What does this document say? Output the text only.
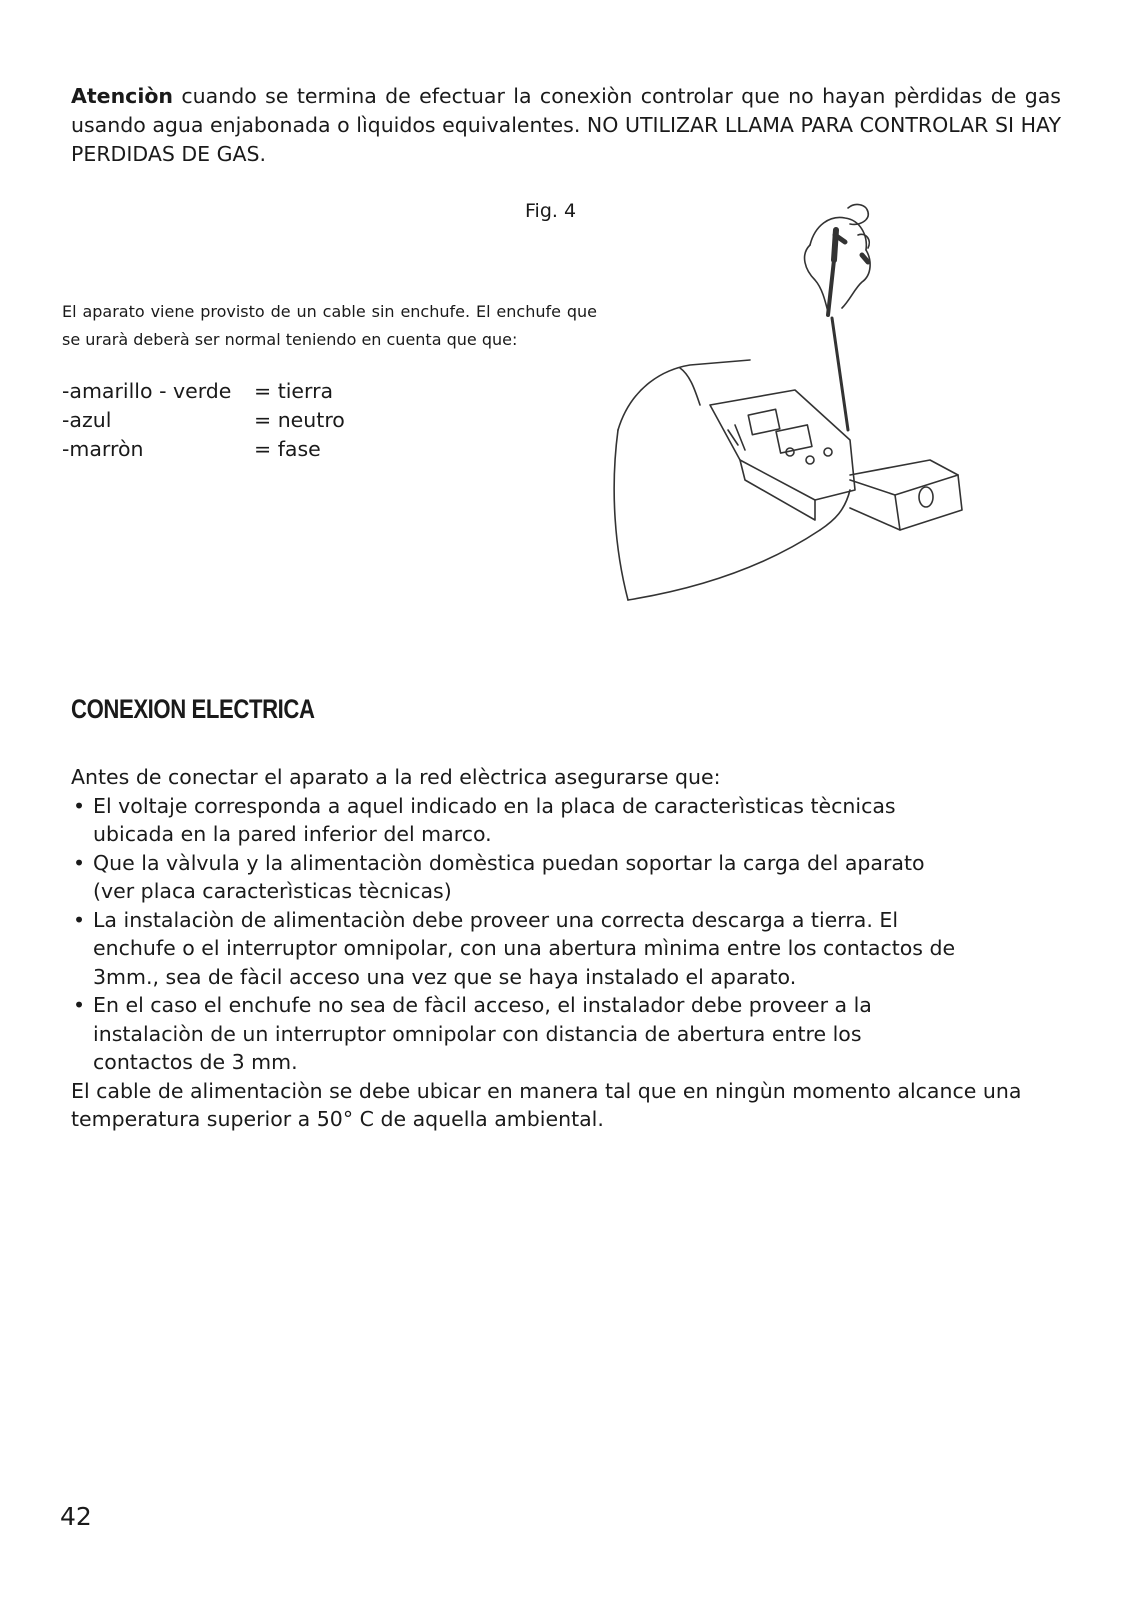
Atenciòn cuando se termina de efectuar la conexiòn controlar que no hayan pèrdidas de gas usando agua enjabonada o lìquidos equivalentes. NO UTILIZAR LLAMA PARA CONTROLAR SI HAY PERDIDAS DE GAS.
Fig. 4
El aparato viene provisto de un cable sin enchufe. El enchufe que se urarà deberà ser normal teniendo en cuenta que que:
-amarillo - verde	= tierra
-azul	= neutro
-marròn	= fase
CONEXION ELECTRICA

Antes de conectar el aparato a la red elèctrica asegurarse que:

• El voltaje corresponda a aquel indicado en la placa de caracterìsticas tècnicas ubicada en la pared inferior del marco.
• Que la vàlvula y la alimentaciòn domèstica puedan soportar la carga del aparato (ver placa caracterìsticas tècnicas)
• La instalaciòn de alimentaciòn debe proveer una correcta descarga a tierra. El enchufe o el interruptor omnipolar, con una abertura mìnima entre los contactos de 3mm., sea de fàcil acceso una vez que se haya instalado el aparato.
• En el caso el enchufe no sea de fàcil acceso, el instalador debe proveer a la instalaciòn de un interruptor omnipolar con distancia de abertura entre los contactos de 3 mm.

El cable de alimentaciòn se debe ubicar en manera tal que en ningùn momento alcance una temperatura superior a 50° C de aquella ambiental.

42
